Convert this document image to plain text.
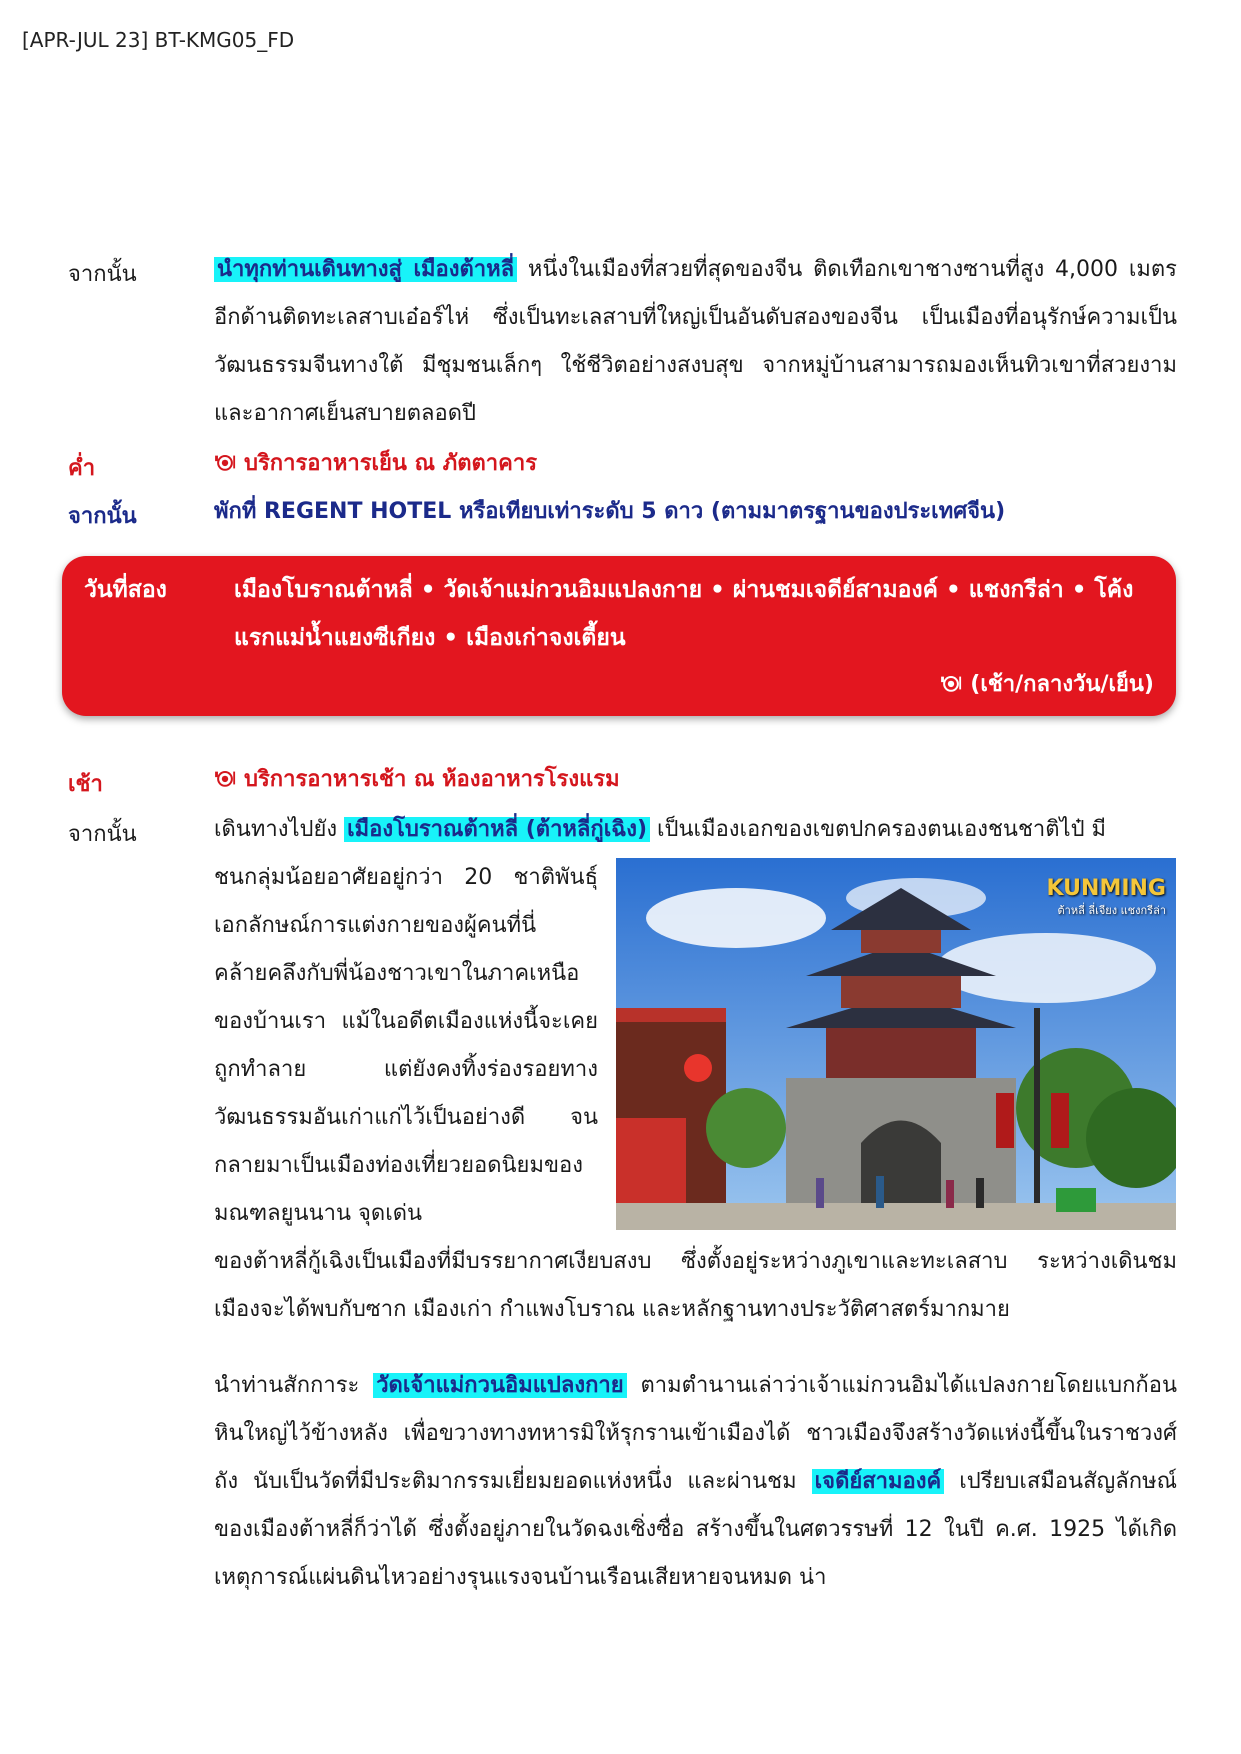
[APR-JUL 23] BT-KMG05_FD
จากนั้น	นำทุกท่านเดินทางสู่ เมืองต้าหลี่ หนึ่งในเมืองที่สวยที่สุดของจีน ติดเทือกเขาชางซานที่สูง 4,000 เมตร อีกด้านติดทะเลสาบเอ๋อร์ไห่ ซึ่งเป็นทะเลสาบที่ใหญ่เป็นอันดับสองของจีน เป็นเมืองที่อนุรักษ์ความเป็นวัฒนธรรมจีนทางใต้ มีชุมชนเล็กๆ ใช้ชีวิตอย่างสงบสุข จากหมู่บ้านสามารถมองเห็นทิวเขาที่สวยงาม และอากาศเย็นสบายตลอดปี
ค่ำ	บริการอาหารเย็น ณ ภัตตาคาร
จากนั้น	พักที่ REGENT HOTEL หรือเทียบเท่าระดับ 5 ดาว (ตามมาตรฐานของประเทศจีน)
วันที่สอง	เมืองโบราณต้าหลี่ • วัดเจ้าแม่กวนอิมแปลงกาย • ผ่านชมเจดีย์สามองค์ • แชงกรีล่า • โค้งแรกแม่น้ำแยงซีเกียง • เมืองเก่าจงเตี้ยน
(เช้า/กลางวัน/เย็น)
เช้า	บริการอาหารเช้า ณ ห้องอาหารโรงแรม
จากนั้น	เดินทางไปยัง เมืองโบราณต้าหลี่ (ต้าหลี่กู่เฉิง) เป็นเมืองเอกของเขตปกครองตนเองชนชาติไป๋ มี
ชนกลุ่มน้อยอาศัยอยู่กว่า 20 ชาติพันธุ์ เอกลักษณ์การแต่งกายของผู้คนที่นี่คล้ายคลึงกับพี่น้องชาวเขาในภาคเหนือของบ้านเรา แม้ในอดีตเมืองแห่งนี้จะเคยถูกทำลาย แต่ยังคงทิ้งร่องรอยทางวัฒนธรรมอันเก่าแก่ไว้เป็นอย่างดี จนกลายมาเป็นเมืองท่องเที่ยวยอดนิยมของมณฑลยูนนาน จุดเด่น
KUNMING
ต้าหลี่ ลี่เจียง แชงกรีล่า
ของต้าหลี่กู้เฉิงเป็นเมืองที่มีบรรยากาศเงียบสงบ ซึ่งตั้งอยู่ระหว่างภูเขาและทะเลสาบ ระหว่างเดินชมเมืองจะได้พบกับซาก เมืองเก่า กำแพงโบราณ และหลักฐานทางประวัติศาสตร์มากมาย
นำท่านสักการะ วัดเจ้าแม่กวนอิมแปลงกาย ตามตำนานเล่าว่าเจ้าแม่กวนอิมได้แปลงกายโดยแบกก้อนหินใหญ่ไว้ข้างหลัง เพื่อขวางทางทหารมิให้รุกรานเข้าเมืองได้ ชาวเมืองจึงสร้างวัดแห่งนี้ขึ้นในราชวงศ์ถัง นับเป็นวัดที่มีประติมากรรมเยี่ยมยอดแห่งหนึ่ง และผ่านชม เจดีย์สามองค์ เปรียบเสมือนสัญลักษณ์ของเมืองต้าหลี่ก็ว่าได้ ซึ่งตั้งอยู่ภายในวัดฉงเซิ่งซื่อ สร้างขึ้นในศตวรรษที่ 12 ในปี ค.ศ. 1925 ได้เกิดเหตุการณ์แผ่นดินไหวอย่างรุนแรงจนบ้านเรือนเสียหายจนหมด น่า
